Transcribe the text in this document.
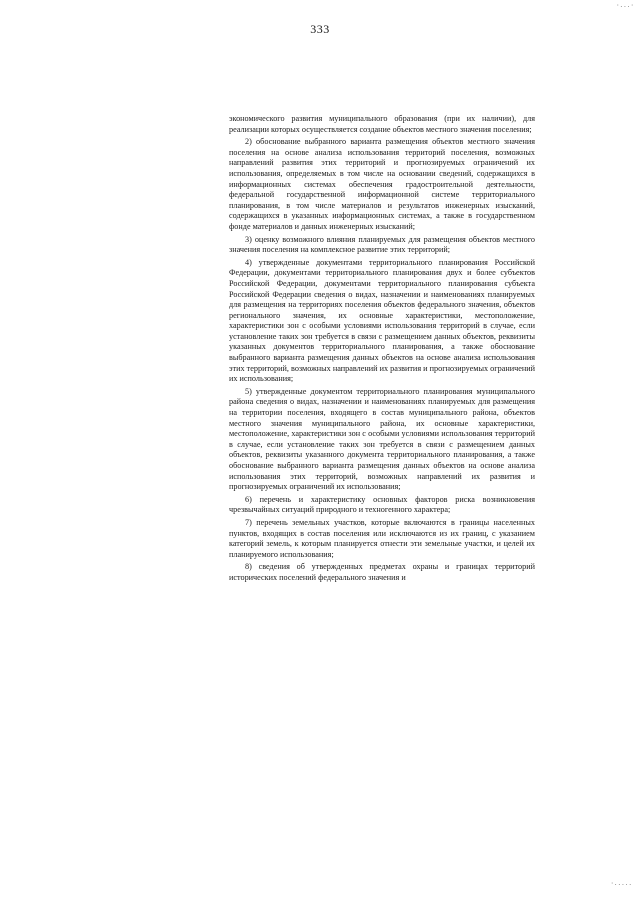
·...·
333

экономического развития муниципального образования (при их наличии), для реализации которых осуществляется создание объектов местного значения поселения;

2) обоснование выбранного варианта размещения объектов местного значения поселения на основе анализа использования территорий поселения, возможных направлений развития этих территорий и прогнозируемых ограничений их использования, определяемых в том числе на основании сведений, содержащихся в информационных системах обеспечения градостроительной деятельности, федеральной государственной информационной системе территориального планирования, в том числе материалов и результатов инженерных изысканий, содержащихся в указанных информационных системах, а также в государственном фонде материалов и данных инженерных изысканий;

3) оценку возможного влияния планируемых для размещения объектов местного значения поселения на комплексное развитие этих территорий;

4) утвержденные документами территориального планирования Российской Федерации, документами территориального планирования двух и более субъектов Российской Федерации, документами территориального планирования субъекта Российской Федерации сведения о видах, назначении и наименованиях планируемых для размещения на территориях поселения объектов федерального значения, объектов регионального значения, их основные характеристики, местоположение, характеристики зон с особыми условиями использования территорий в случае, если установление таких зон требуется в связи с размещением данных объектов, реквизиты указанных документов территориального планирования, а также обоснование выбранного варианта размещения данных объектов на основе анализа использования этих территорий, возможных направлений их развития и прогнозируемых ограничений их использования;

5) утвержденные документом территориального планирования муниципального района сведения о видах, назначении и наименованиях планируемых для размещения на территории поселения, входящего в состав муниципального района, объектов местного значения муниципального района, их основные характеристики, местоположение, характеристики зон с особыми условиями использования территорий в случае, если установление таких зон требуется в связи с размещением данных объектов, реквизиты указанного документа территориального планирования, а также обоснование выбранного варианта размещения данных объектов на основе анализа использования этих территорий, возможных направлений их развития и прогнозируемых ограничений их использования;

6) перечень и характеристику основных факторов риска возникновения чрезвычайных ситуаций природного и техногенного характера;

7) перечень земельных участков, которые включаются в границы населенных пунктов, входящих в состав поселения или исключаются из их границ, с указанием категорий земель, к которым планируется отнести эти земельные участки, и целей их планируемого использования;

8) сведения об утвержденных предметах охраны и границах территорий исторических поселений федерального значения и

·.....
